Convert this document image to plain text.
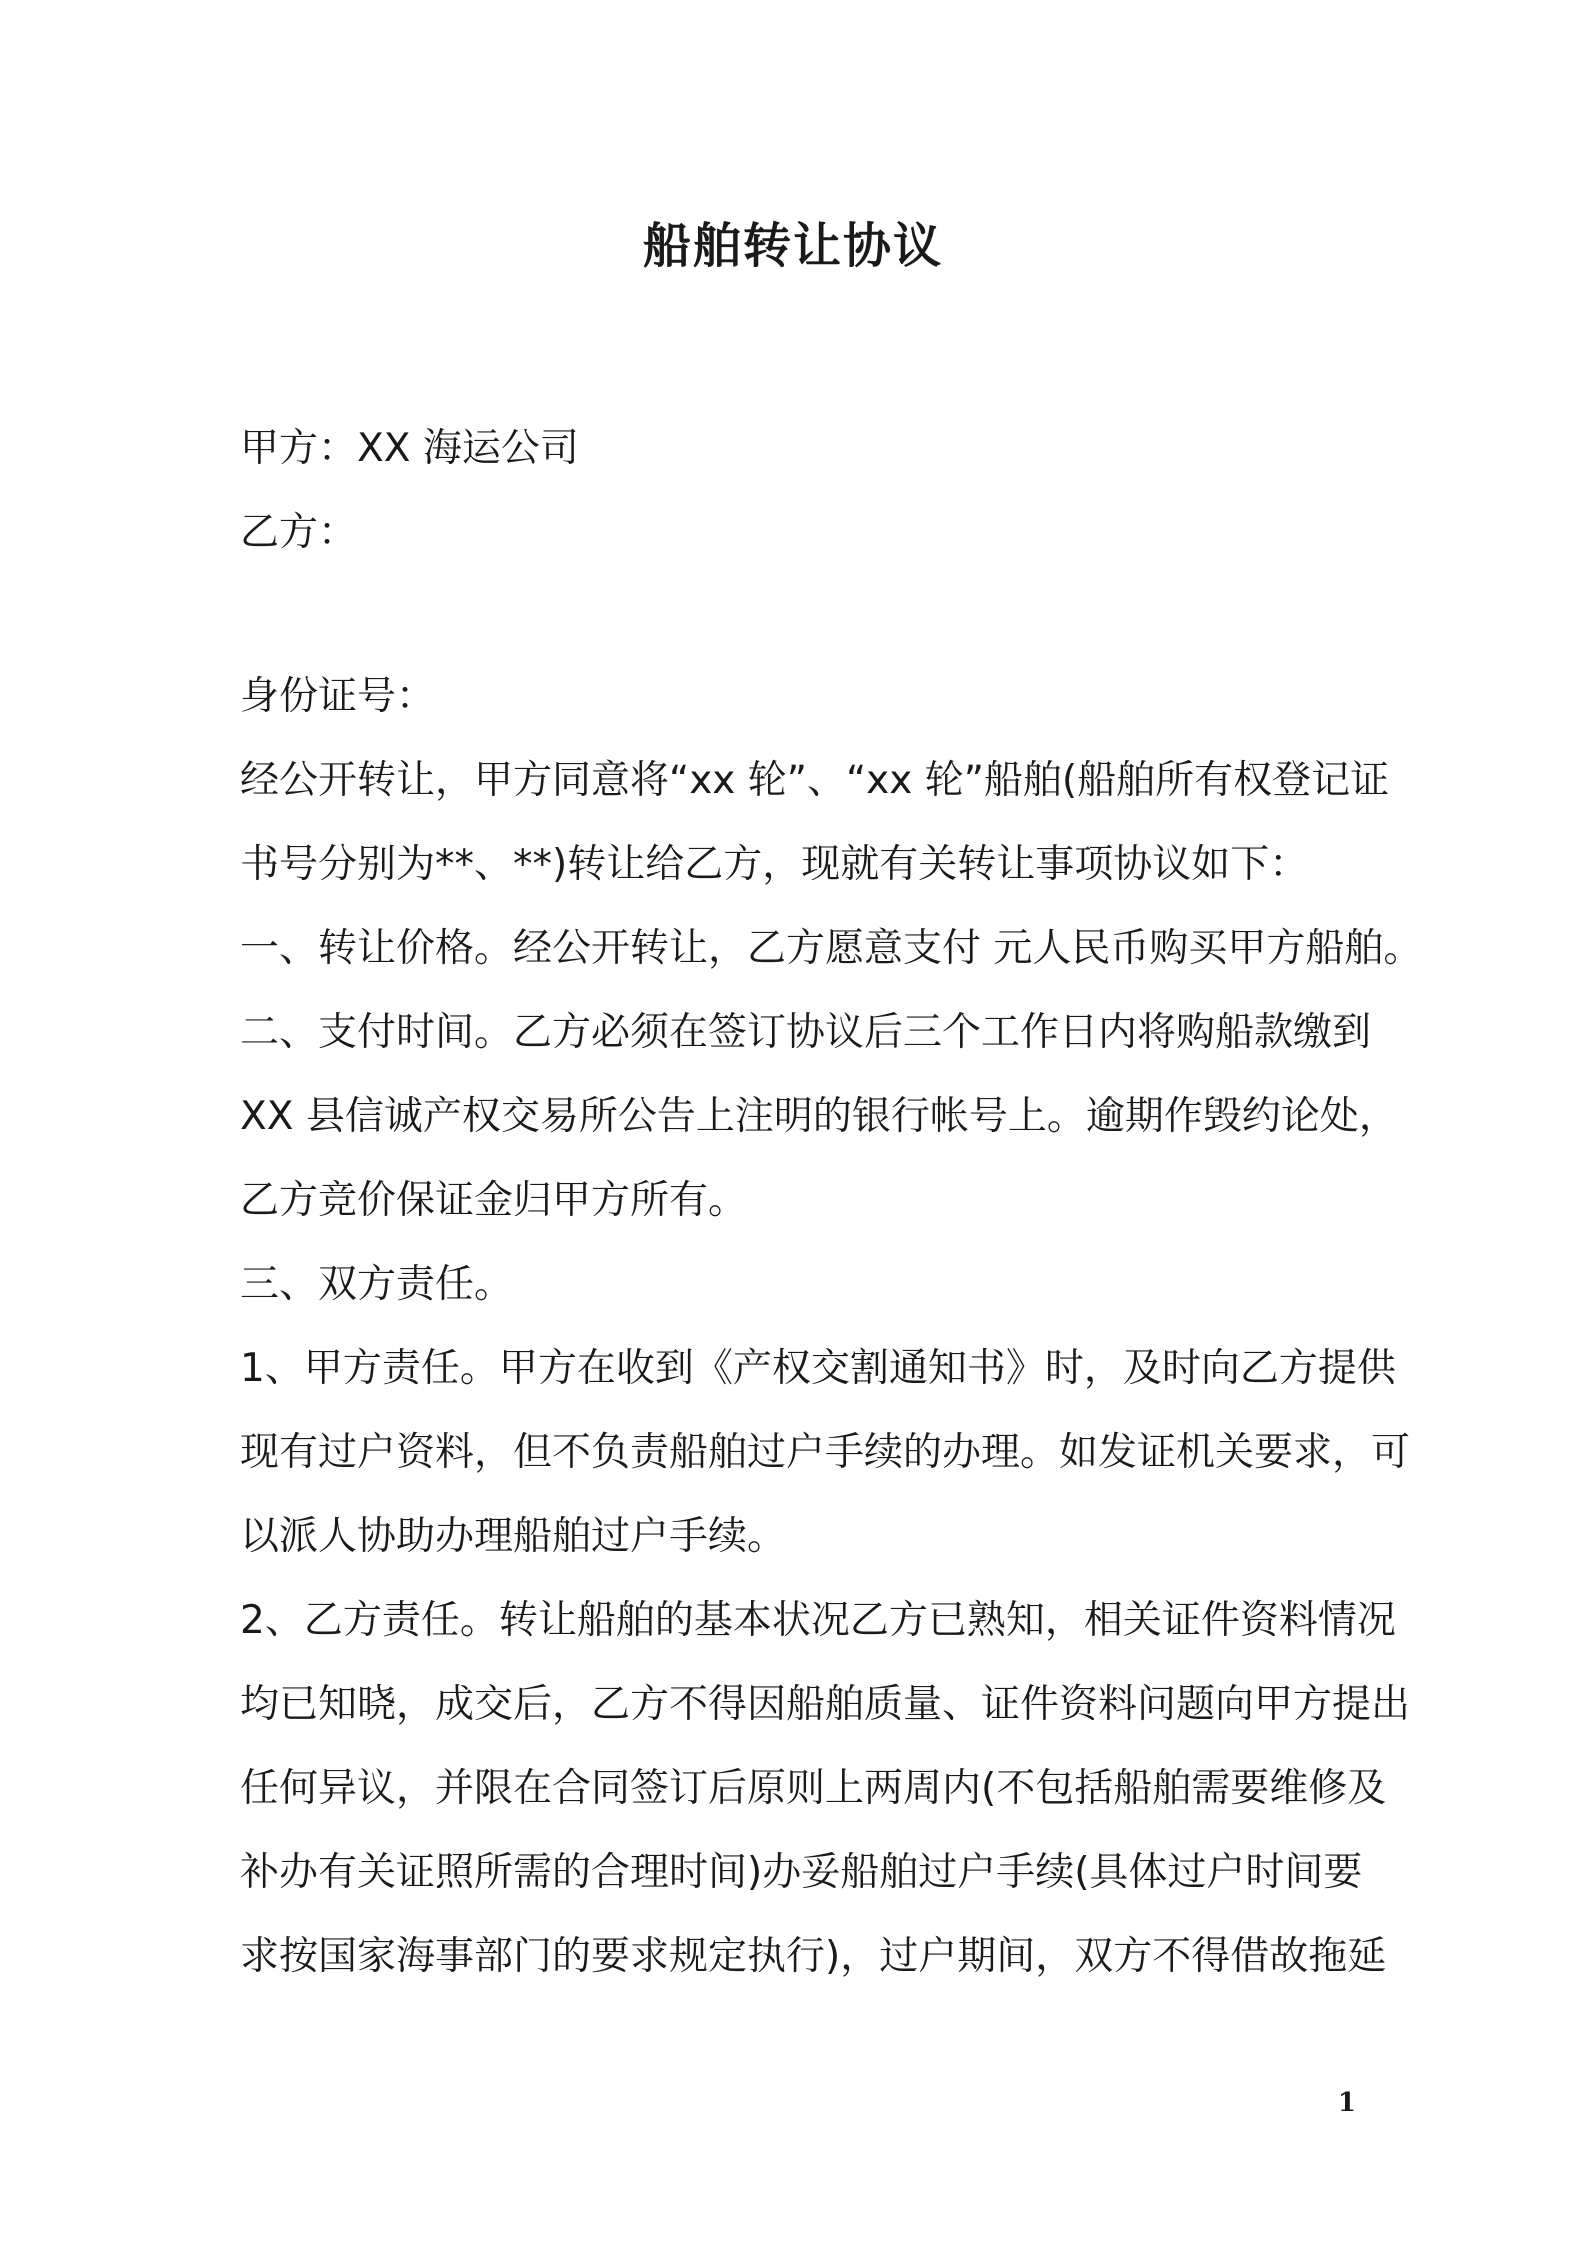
船舶转让协议
甲方：XX 海运公司
乙方：
身份证号：
经公开转让，甲方同意将“xx 轮”、“xx 轮”船舶(船舶所有权登记证
书号分别为**、**)转让给乙方，现就有关转让事项协议如下：
一、转让价格。经公开转让，乙方愿意支付 元人民币购买甲方船舶。
二、支付时间。乙方必须在签订协议后三个工作日内将购船款缴到
XX 县信诚产权交易所公告上注明的银行帐号上。逾期作毁约论处，
乙方竞价保证金归甲方所有。
三、双方责任。
1、甲方责任。甲方在收到《产权交割通知书》时，及时向乙方提供
现有过户资料，但不负责船舶过户手续的办理。如发证机关要求，可
以派人协助办理船舶过户手续。
2、乙方责任。转让船舶的基本状况乙方已熟知，相关证件资料情况
均已知晓，成交后，乙方不得因船舶质量、证件资料问题向甲方提出
任何异议，并限在合同签订后原则上两周内(不包括船舶需要维修及
补办有关证照所需的合理时间)办妥船舶过户手续(具体过户时间要
求按国家海事部门的要求规定执行)，过户期间，双方不得借故拖延
1
